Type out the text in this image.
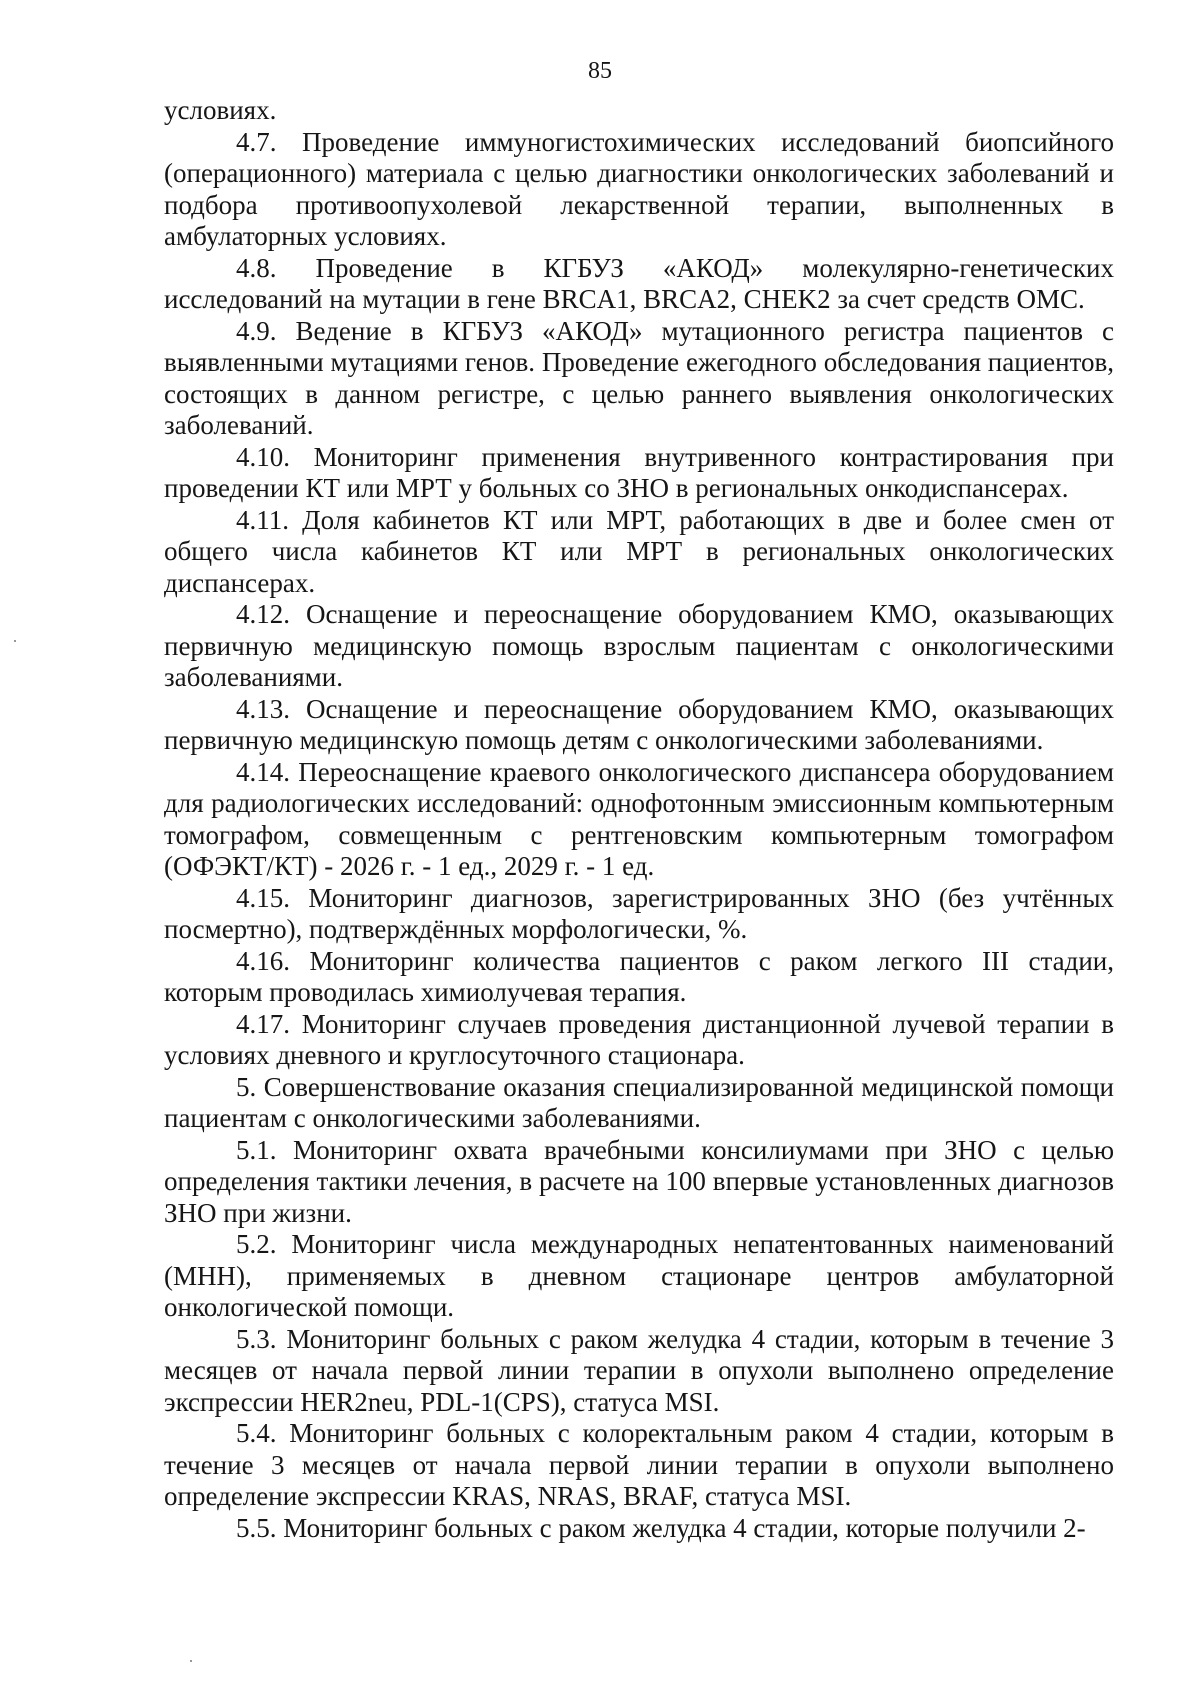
85

условиях.

4.7. Проведение иммуногистохимических исследований биопсийного (операционного) материала с целью диагностики онкологических заболеваний и подбора противоопухолевой лекарственной терапии, выполненных в амбулаторных условиях.

4.8. Проведение в КГБУЗ «АКОД» молекулярно-генетических исследований на мутации в гене BRCA1, BRCA2, CHEK2 за счет средств ОМС.

4.9. Ведение в КГБУЗ «АКОД» мутационного регистра пациентов с выявленными мутациями генов. Проведение ежегодного обследования пациентов, состоящих в данном регистре, с целью раннего выявления онкологических заболеваний.

4.10. Мониторинг применения внутривенного контрастирования при проведении КТ или МРТ у больных со ЗНО в региональных онкодиспансерах.

4.11. Доля кабинетов КТ или МРТ, работающих в две и более смен от общего числа кабинетов КТ или МРТ в региональных онкологических диспансерах.

4.12. Оснащение и переоснащение оборудованием КМО, оказывающих первичную медицинскую помощь взрослым пациентам с онкологическими заболеваниями.

4.13. Оснащение и переоснащение оборудованием КМО, оказывающих первичную медицинскую помощь детям с онкологическими заболеваниями.

4.14. Переоснащение краевого онкологического диспансера оборудованием для радиологических исследований: однофотонным эмиссионным компьютерным томографом, совмещенным с рентгеновским компьютерным томографом (ОФЭКТ/КТ) - 2026 г. - 1 ед., 2029 г. - 1 ед.

4.15. Мониторинг диагнозов, зарегистрированных ЗНО (без учтённых посмертно), подтверждённых морфологически, %.

4.16. Мониторинг количества пациентов с раком легкого III стадии, которым проводилась химиолучевая терапия.

4.17. Мониторинг случаев проведения дистанционной лучевой терапии в условиях дневного и круглосуточного стационара.

5. Совершенствование оказания специализированной медицинской помощи пациентам с онкологическими заболеваниями.

5.1. Мониторинг охвата врачебными консилиумами при ЗНО с целью определения тактики лечения, в расчете на 100 впервые установленных диагнозов ЗНО при жизни.

5.2. Мониторинг числа международных непатентованных наименований (МНН), применяемых в дневном стационаре центров амбулаторной онкологической помощи.

5.3. Мониторинг больных с раком желудка 4 стадии, которым в течение 3 месяцев от начала первой линии терапии в опухоли выполнено определение экспрессии HER2neu, PDL-1(CPS), статуса MSI.

5.4. Мониторинг больных с колоректальным раком 4 стадии, которым в течение 3 месяцев от начала первой линии терапии в опухоли выполнено определение экспрессии KRAS, NRAS, BRAF, статуса MSI.

5.5. Мониторинг больных с раком желудка 4 стадии, которые получили 2-
